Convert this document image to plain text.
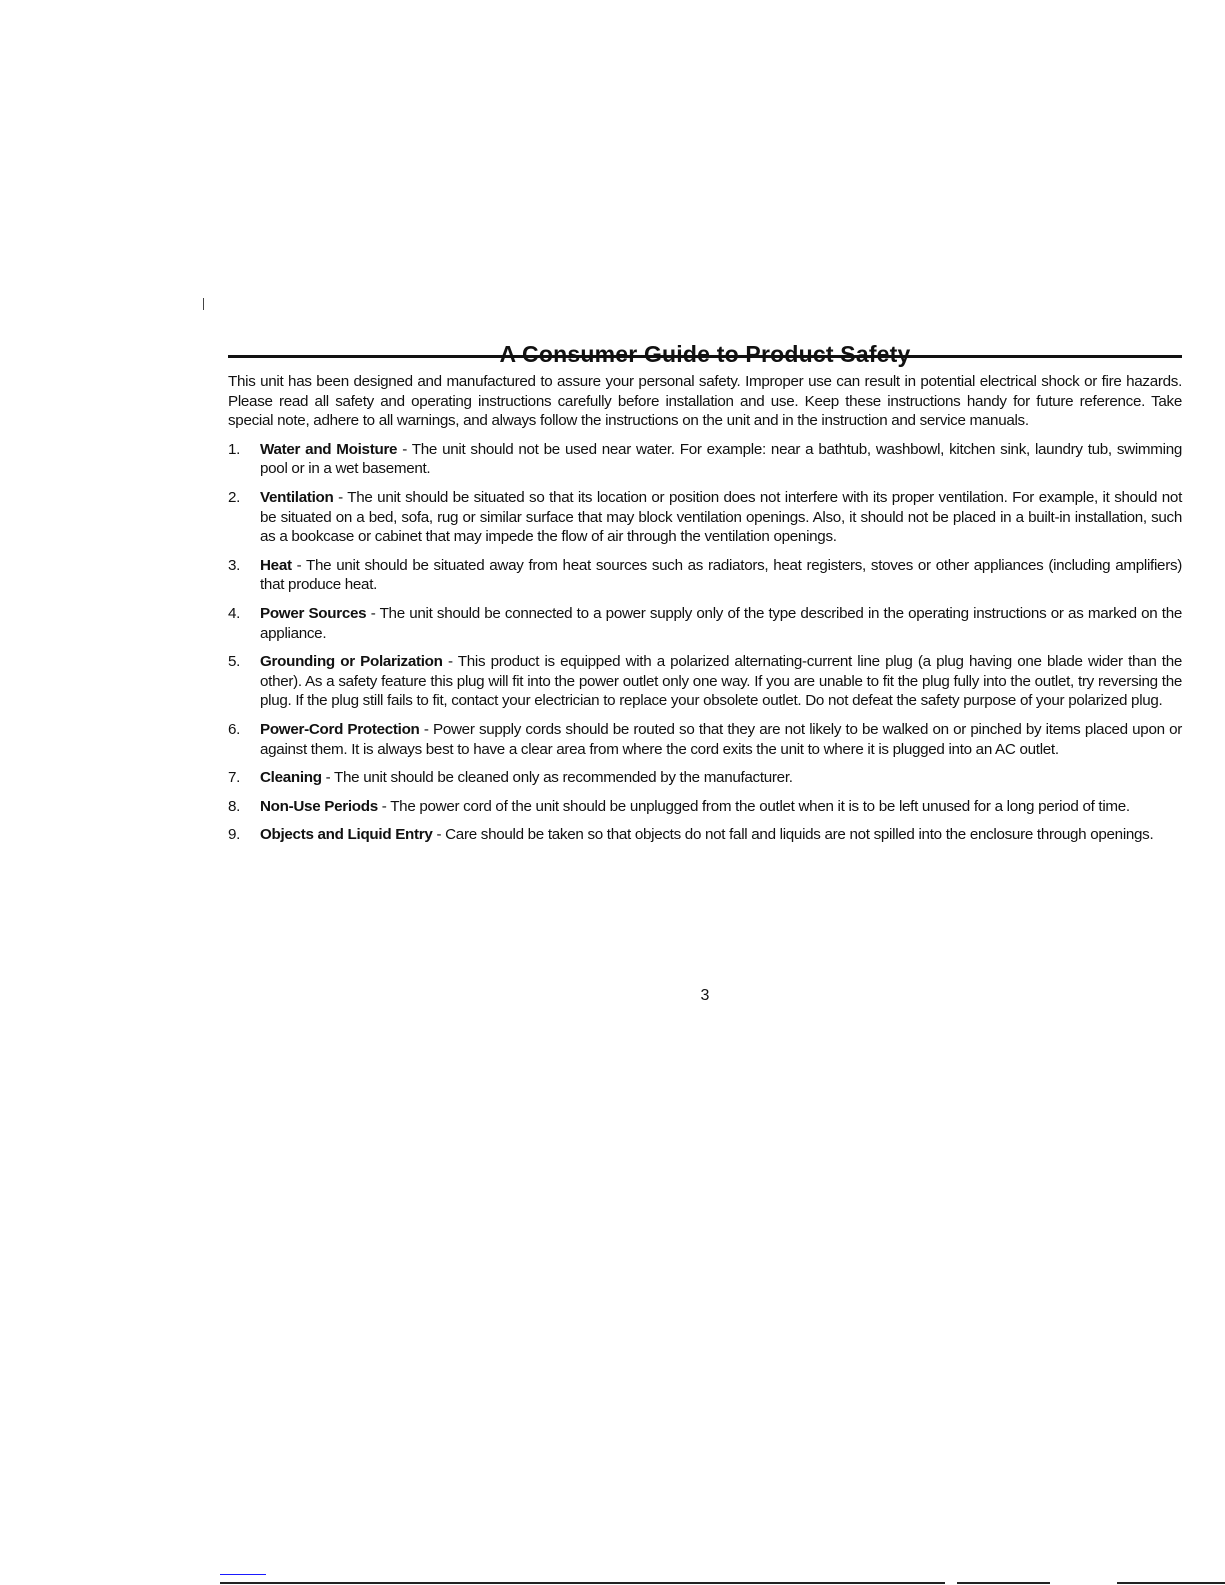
This unit has been designed and manufactured to assure your personal safety. Improper use can result in potential electrical shock or fire hazards. Please read all safety and operating instructions carefully before installation and use. Keep these instructions handy for future reference. Take special note, adhere to all warnings, and always follow the instructions on the unit and in the instruction and service manuals.

1. Water and Moisture - The unit should not be used near water. For example: near a bathtub, washbowl, kitchen sink, laundry tub, swimming pool or in a wet basement.
2. Ventilation - The unit should be situated so that its location or position does not interfere with its proper ventilation. For example, it should not be situated on a bed, sofa, rug or similar surface that may block ventilation openings. Also, it should not be placed in a built-in installation, such as a bookcase or cabinet that may impede the flow of air through the ventilation openings.
3. Heat - The unit should be situated away from heat sources such as radiators, heat registers, stoves or other appliances (including amplifiers) that produce heat.
4. Power Sources - The unit should be connected to a power supply only of the type described in the operating instructions or as marked on the appliance.
5. Grounding or Polarization - This product is equipped with a polarized alternating-current line plug (a plug having one blade wider than the other). As a safety feature this plug will fit into the power outlet only one way. If you are unable to fit the plug fully into the outlet, try reversing the plug. If the plug still fails to fit, contact your electrician to replace your obsolete outlet. Do not defeat the safety purpose of your polarized plug.
6. Power-Cord Protection - Power supply cords should be routed so that they are not likely to be walked on or pinched by items placed upon or against them. It is always best to have a clear area from where the cord exits the unit to where it is plugged into an AC outlet.
7. Cleaning - The unit should be cleaned only as recommended by the manufacturer.
8. Non-Use Periods - The power cord of the unit should be unplugged from the outlet when it is to be left unused for a long period of time.
9. Objects and Liquid Entry - Care should be taken so that objects do not fall and liquids are not spilled into the enclosure through openings.
3
